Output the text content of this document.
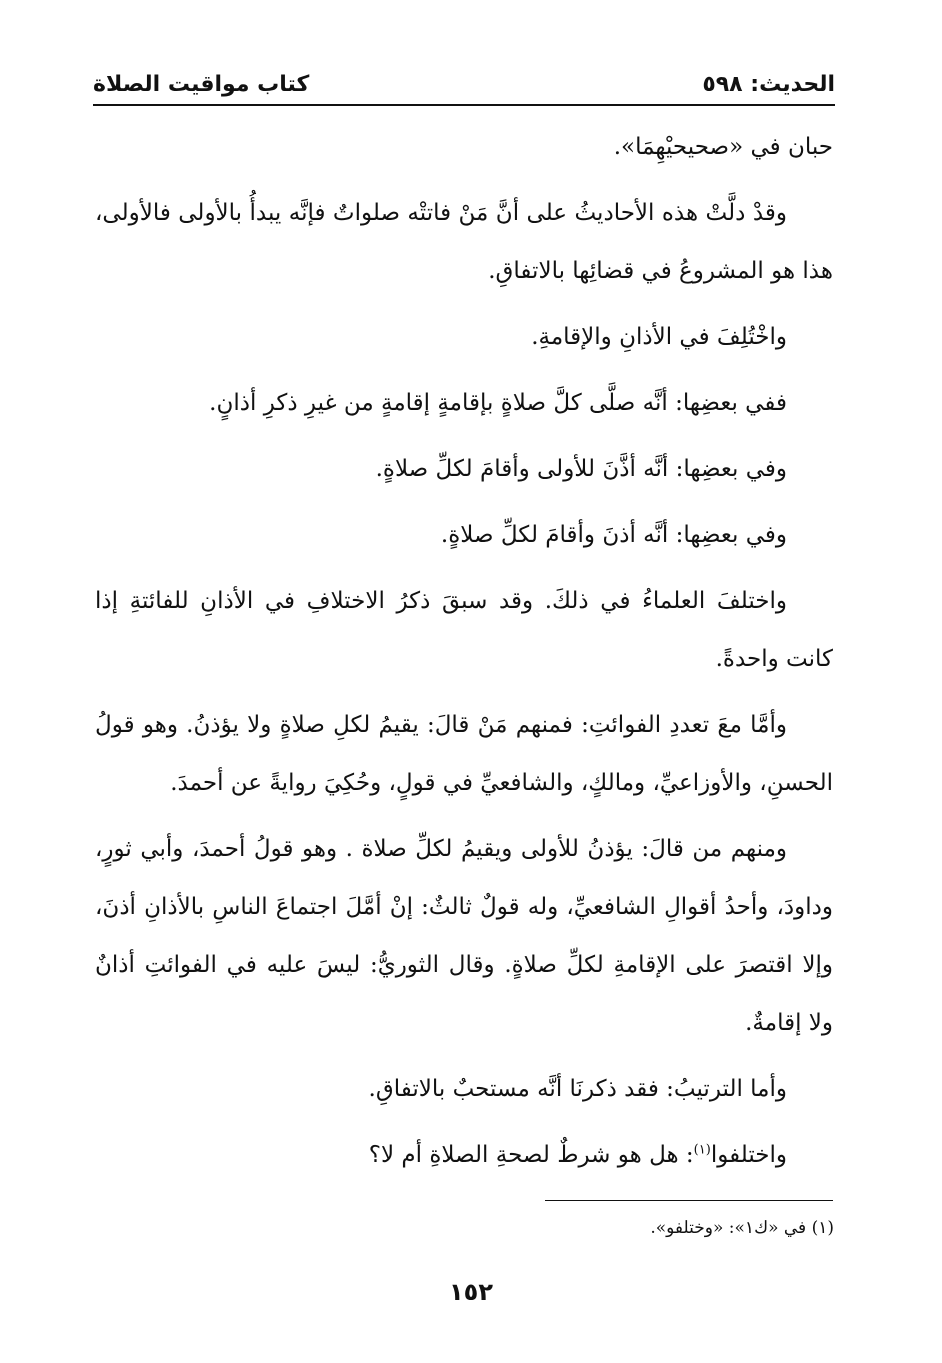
الحديث: ٥٩٨
كتاب مواقيت الصلاة

حبان في «صحيحيْهِمَا».

وقدْ دلَّتْ هذه الأحاديثُ على أنَّ مَنْ فاتتْه صلواتٌ فإنَّه يبدأُ بالأولى فالأولى، هذا هو المشروعُ في قضائِها بالاتفاقِ.

واخْتُلِفَ في الأذانِ والإقامةِ.

ففي بعضِها: أنَّه صلَّى كلَّ صلاةٍ بإقامةٍ إقامةٍ من غيرِ ذكرِ أذانٍ.

وفي بعضِها: أنَّه أذَّنَ للأولى وأقامَ لكلِّ صلاةٍ.

وفي بعضِها: أنَّه أذنَ وأقامَ لكلِّ صلاةٍ.

واختلفَ العلماءُ في ذلكَ. وقد سبقَ ذكرُ الاختلافِ في الأذانِ للفائتةِ إذا كانت واحدةً.

وأمَّا معَ تعددِ الفوائتِ: فمنهم مَنْ قالَ: يقيمُ لكلِ صلاةٍ ولا يؤذنُ. وهو قولُ الحسنِ، والأوزاعيِّ، ومالكٍ، والشافعيِّ في قولٍ، وحُكِيَ روايةً عن أحمدَ.

ومنهم من قالَ: يؤذنُ للأولى ويقيمُ لكلِّ صلاة . وهو قولُ أحمدَ، وأبي ثورٍ، وداودَ، وأحدُ أقوالِ الشافعيِّ، وله قولٌ ثالثٌ: إنْ أمَّلَ اجتماعَ الناسِ بالأذانِ أذنَ، وإلا اقتصرَ على الإقامةِ لكلِّ صلاةٍ. وقال الثوريُّ: ليسَ عليه في الفوائتِ أذانٌ ولا إقامةٌ.

وأما الترتيبُ: فقد ذكرنَا أنَّه مستحبٌ بالاتفاقِ.

واختلفوا$^{(١)}$: هل هو شرطٌ لصحةِ الصلاةِ أم لا؟

(١) في «ك١»: «وختلفو».
١٥٢
